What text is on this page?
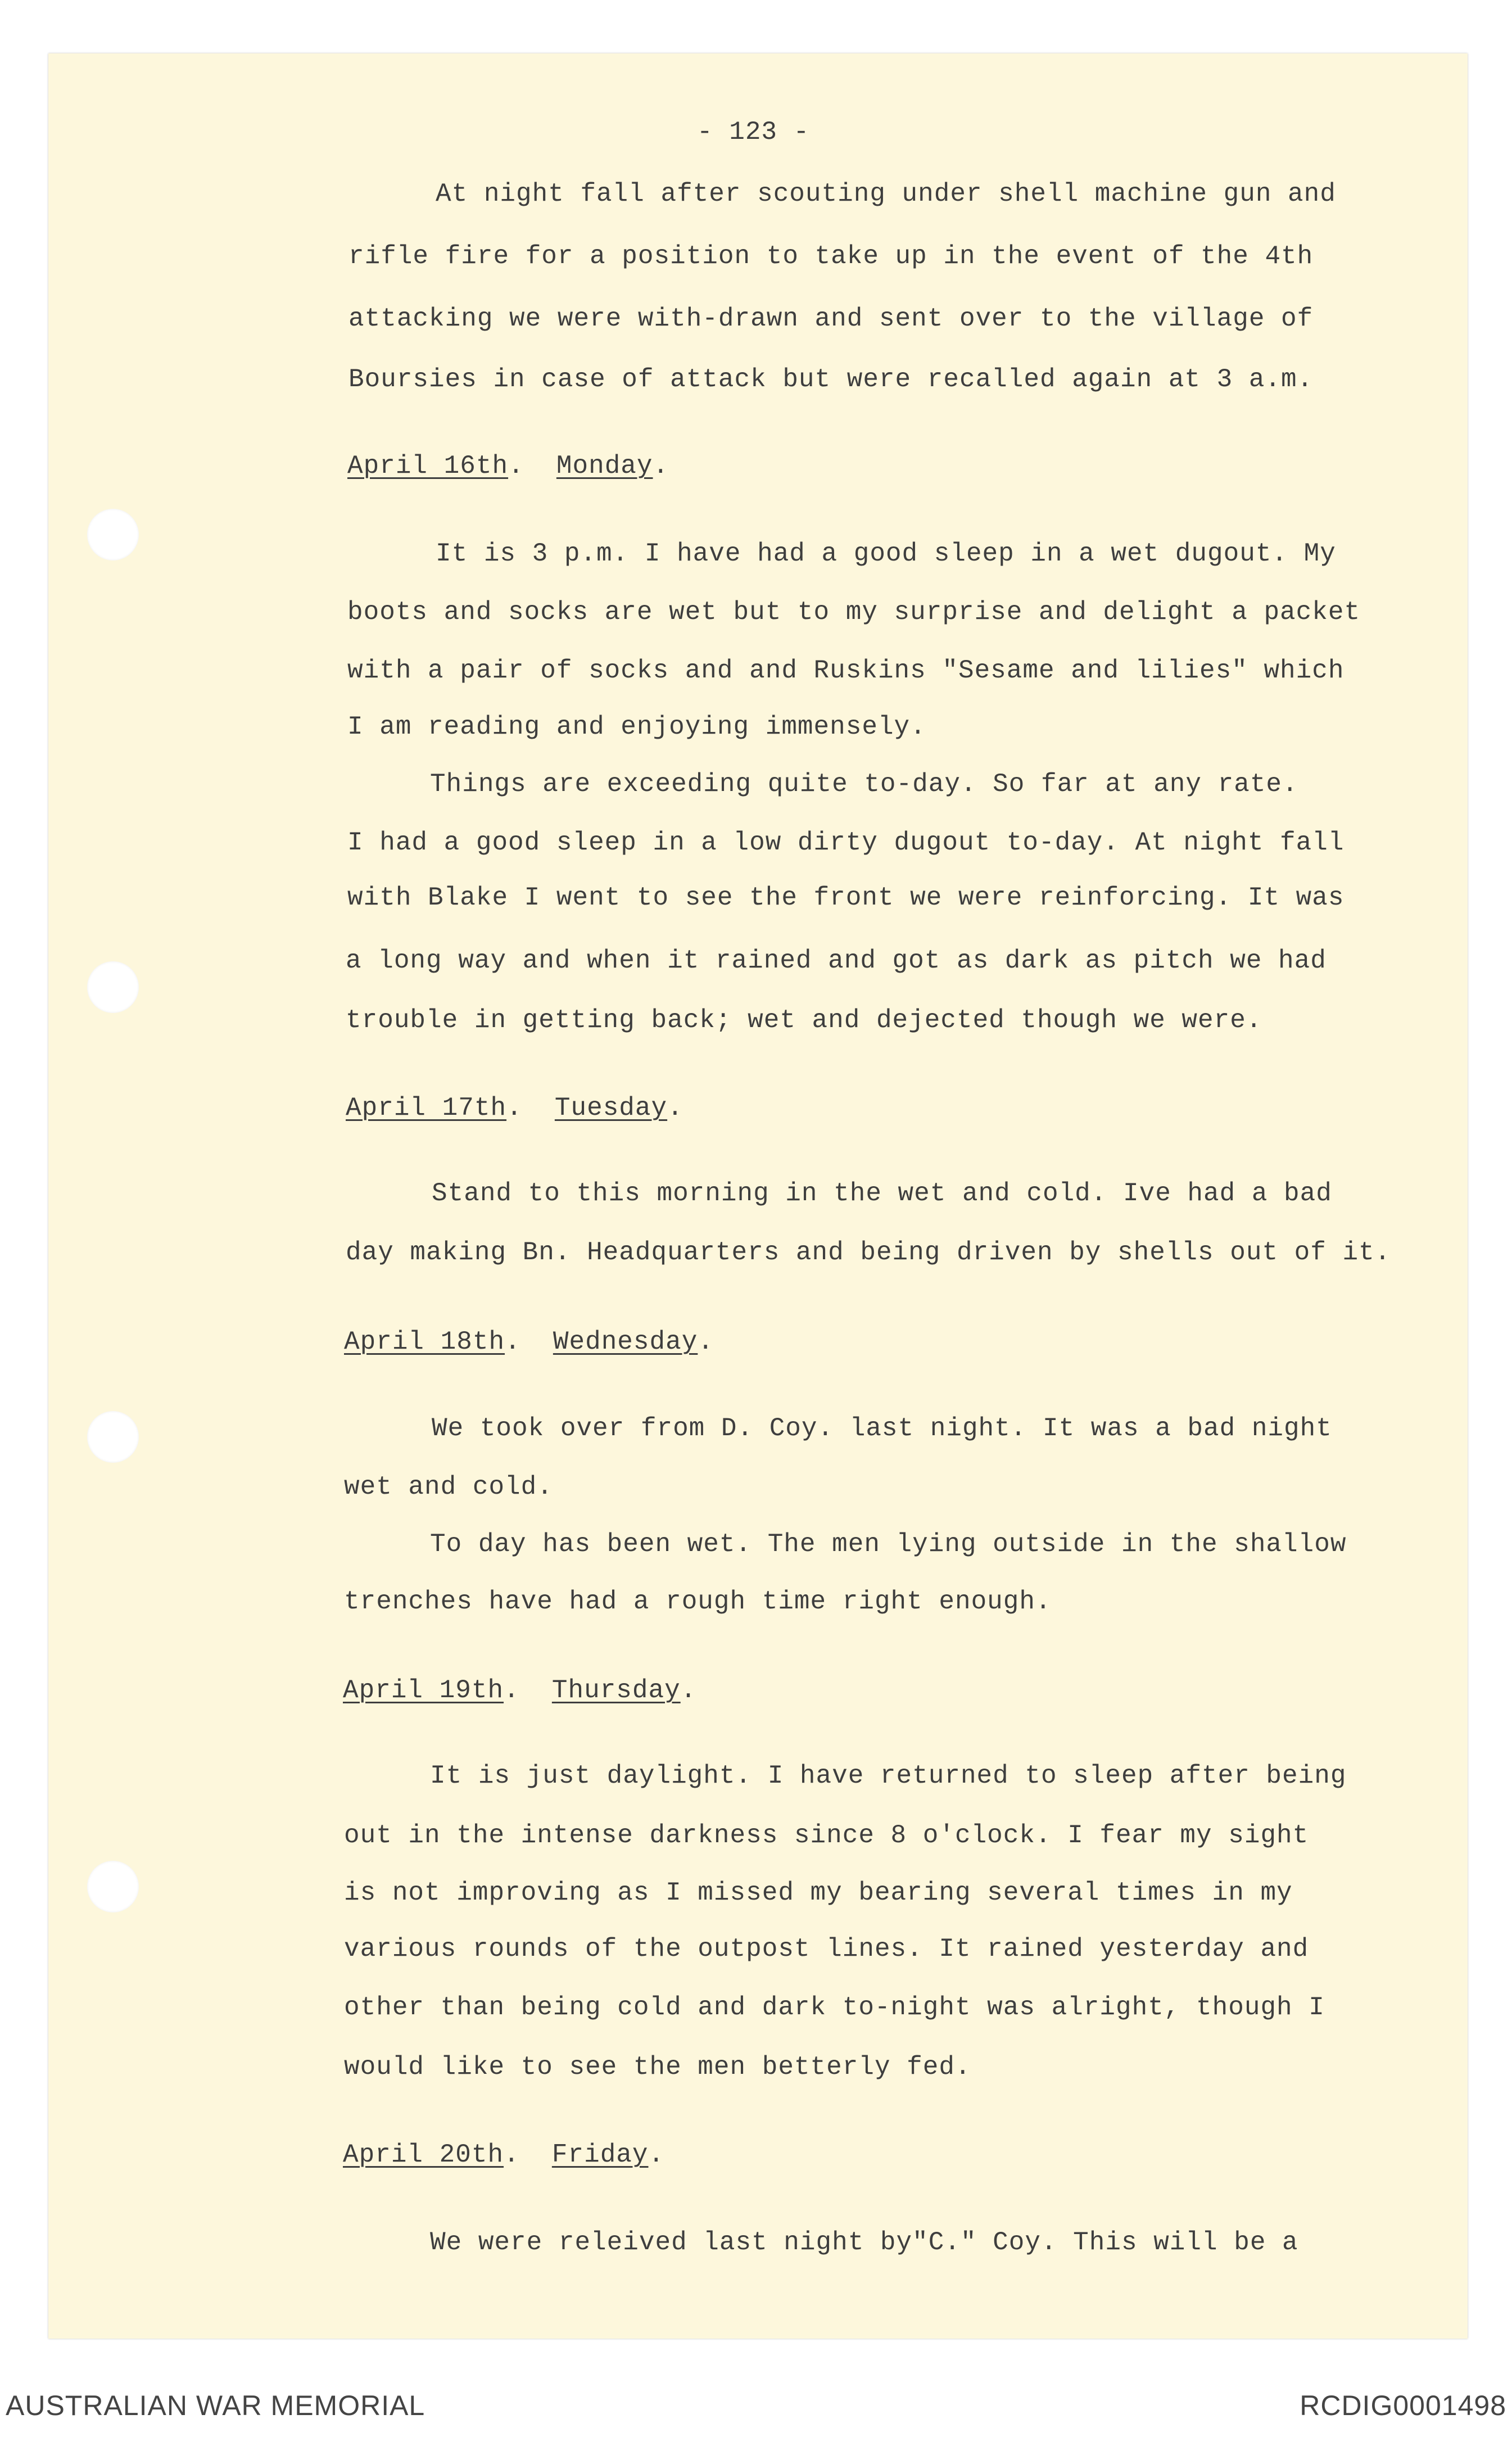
- 123 -

At night fall after scouting under shell machine gun and

rifle fire for a position to take up in the event of the 4th

attacking we were with-drawn and sent over to the village of

Boursies in case of attack but were recalled again at 3 a.m.

April 16th.  Monday.

It is 3 p.m. I have had a good sleep in a wet dugout. My

boots and socks are wet but to my surprise and delight a packet

with a pair of socks and and Ruskins "Sesame and lilies" which

I am reading and enjoying immensely.

Things are exceeding quite to-day. So far at any rate.

I had a good sleep in a low dirty dugout to-day. At night fall

with Blake I went to see the front we were reinforcing. It was

a long way and when it rained and got as dark as pitch we had

trouble in getting back; wet and dejected though we were.

April 17th.  Tuesday.

Stand to this morning in the wet and cold. Ive had a bad

day making Bn. Headquarters and being driven by shells out of it.

April 18th.  Wednesday.

We took over from D. Coy. last night. It was a bad night

wet and cold.

To day has been wet. The men lying outside in the shallow

trenches have had a rough time right enough.

April 19th.  Thursday.

It is just daylight. I have returned to sleep after being

out in the intense darkness since 8 o'clock. I fear my sight

is not improving as I missed my bearing several times in my

various rounds of the outpost lines. It rained yesterday and

other than being cold and dark to-night was alright, though I

would like to see the men betterly fed.

April 20th.  Friday.

We were releived last night by"C." Coy. This will be a

AUSTRALIAN WAR MEMORIAL	RCDIG0001498
